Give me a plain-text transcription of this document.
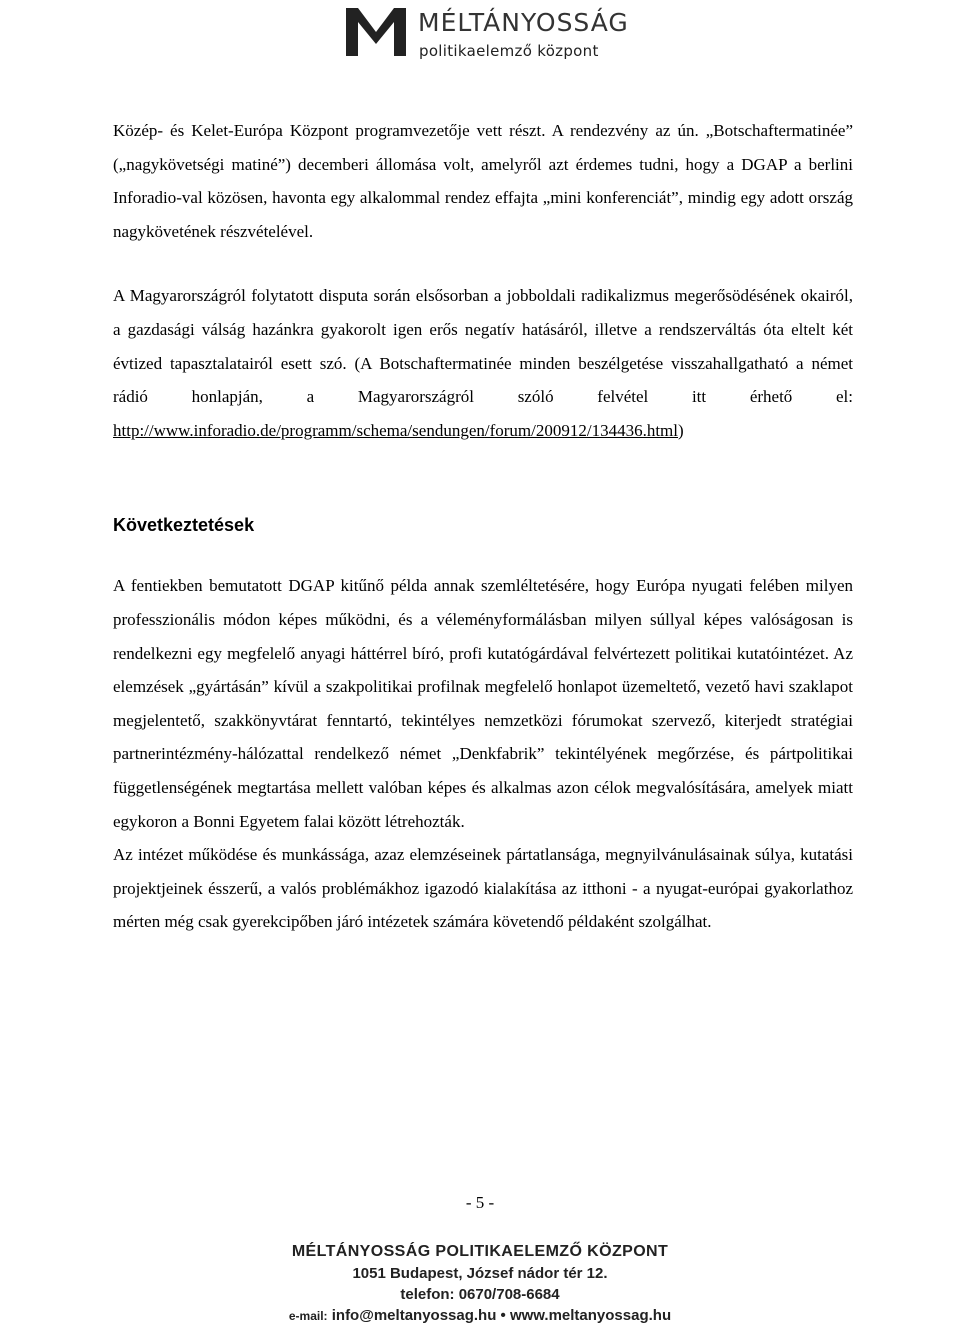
MÉLTÁNYOSSÁG
politikaelemző központ

Közép- és Kelet-Európa Központ programvezetője vett részt. A rendezvény az ún. „Botschaftermatinée” („nagykövetségi matiné”) decemberi állomása volt, amelyről azt érdemes tudni, hogy a DGAP a berlini Inforadio-val közösen, havonta egy alkalommal rendez effajta „mini konferenciát”, mindig egy adott ország nagykövetének részvételével.

A Magyarországról folytatott disputa során elsősorban a jobboldali radikalizmus megerősödésének okairól, a gazdasági válság hazánkra gyakorolt igen erős negatív hatásáról, illetve a rendszerváltás óta eltelt két évtized tapasztalatairól esett szó. (A Botschaftermatinée minden beszélgetése visszahallgatható a német rádió honlapján, a Magyarországról szóló felvétel itt érhető el: http://www.inforadio.de/programm/schema/sendungen/forum/200912/134436.html)

Következtetések

A fentiekben bemutatott DGAP kitűnő példa annak szemléltetésére, hogy Európa nyugati felében milyen professzionális módon képes működni, és a véleményformálásban milyen súllyal képes valóságosan is rendelkezni egy megfelelő anyagi háttérrel bíró, profi kutatógárdával felvértezett politikai kutatóintézet. Az elemzések „gyártásán” kívül a szakpolitikai profilnak megfelelő honlapot üzemeltető, vezető havi szaklapot megjelentető, szakkönyvtárat fenntartó, tekintélyes nemzetközi fórumokat szervező, kiterjedt stratégiai partnerintézmény-hálózattal rendelkező német „Denkfabrik” tekintélyének megőrzése, és pártpolitikai függetlenségének megtartása mellett valóban képes és alkalmas azon célok megvalósítására, amelyek miatt egykoron a Bonni Egyetem falai között létrehozták.

Az intézet működése és munkássága, azaz elemzéseinek pártatlansága, megnyilvánulásainak súlya, kutatási projektjeinek ésszerű, a valós problémákhoz igazodó kialakítása az itthoni - a nyugat-európai gyakorlathoz mérten még csak gyerekcipőben járó intézetek számára követendő példaként szolgálhat.

- 5 -
MÉLTÁNYOSSÁG POLITIKAELEMZŐ KÖZPONT
1051 Budapest, József nádor tér 12.
telefon: 0670/708-6684
e-mail: info@meltanyossag.hu • www.meltanyossag.hu
